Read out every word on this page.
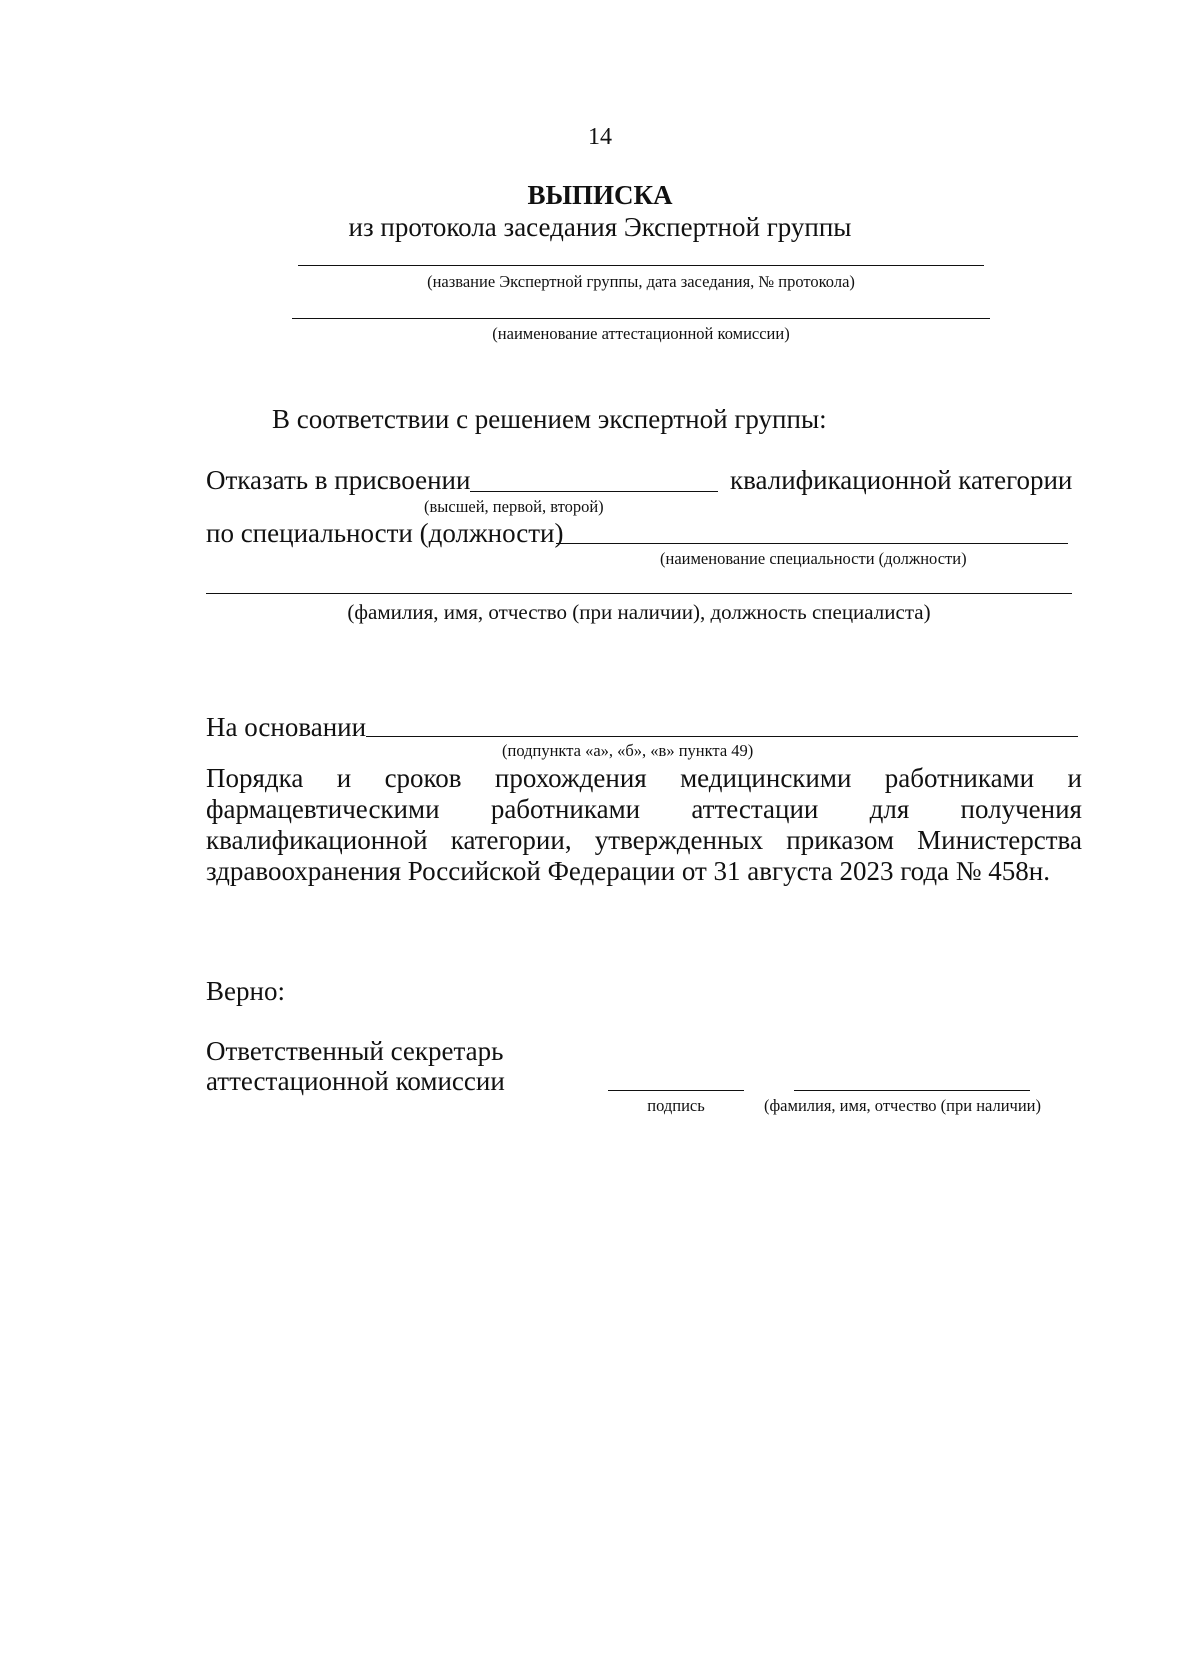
14
ВЫПИСКА
из протокола заседания Экспертной группы
(название Экспертной группы, дата заседания, № протокола)
(наименование аттестационной комиссии)
В соответствии с решением экспертной группы:
Отказать в присвоении	квалификационной категории
(высшей, первой, второй)
по специальности (должности)
(наименование специальности (должности)
(фамилия, имя, отчество (при наличии), должность специалиста)
На основании
(подпункта «а», «б», «в» пункта 49)
Порядка и сроков прохождения медицинскими работниками и
фармацевтическими работниками аттестации для получения
квалификационной категории, утвержденных приказом Министерства
здравоохранения Российской Федерации от 31 августа 2023 года № 458н.
Верно:
Ответственный секретарь
аттестационной комиссии
подпись	(фамилия, имя, отчество (при наличии)
